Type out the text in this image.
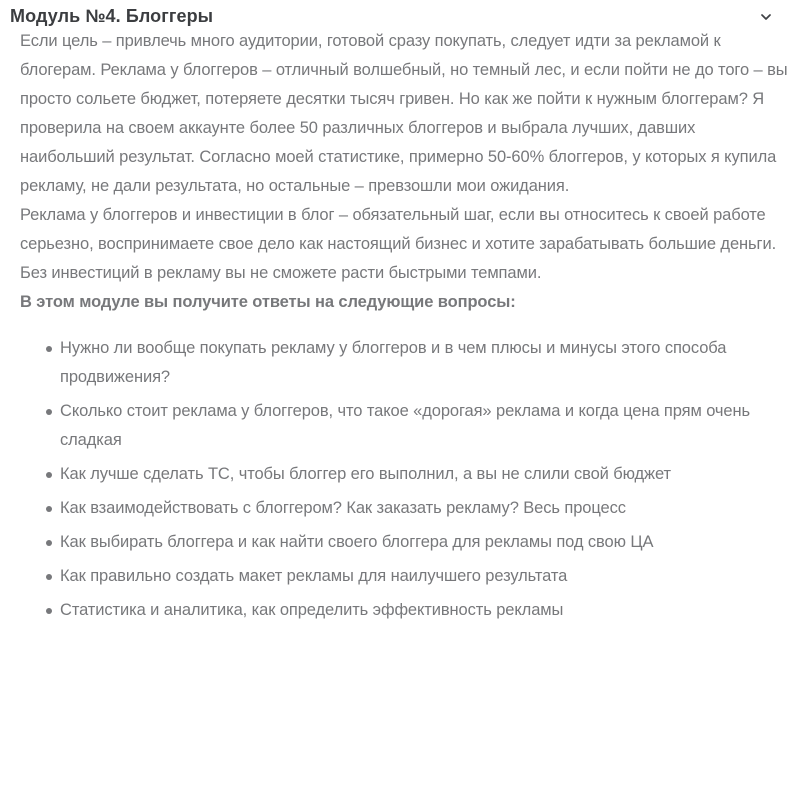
Модуль №4. Блоггеры

Если цель – привлечь много аудитории, готовой сразу покупать, следует идти за рекламой к блогерам. Реклама у блоггеров – отличный волшебный, но темный лес, и если пойти не до того – вы просто сольете бюджет, потеряете десятки тысяч гривен. Но как же пойти к нужным блоггерам? Я проверила на своем аккаунте более 50 различных блоггеров и выбрала лучших, давших наибольший результат. Согласно моей статистике, примерно 50-60% блоггеров, у которых я купила рекламу, не дали результата, но остальные – превзошли мои ожидания.

Реклама у блоггеров и инвестиции в блог – обязательный шаг, если вы относитесь к своей работе серьезно, воспринимаете свое дело как настоящий бизнес и хотите зарабатывать большие деньги. Без инвестиций в рекламу вы не сможете расти быстрыми темпами.

В этом модуле вы получите ответы на следующие вопросы:

Нужно ли вообще покупать рекламу у блоггеров и в чем плюсы и минусы этого способа продвижения?
Сколько стоит реклама у блоггеров, что такое «дорогая» реклама и когда цена прям очень сладкая
Как лучше сделать ТС, чтобы блоггер его выполнил, а вы не слили свой бюджет
Как взаимодействовать с блоггером? Как заказать рекламу? Весь процесс
Как выбирать блоггера и как найти своего блоггера для рекламы под свою ЦА
Как правильно создать макет рекламы для наилучшего результата
Статистика и аналитика, как определить эффективность рекламы
